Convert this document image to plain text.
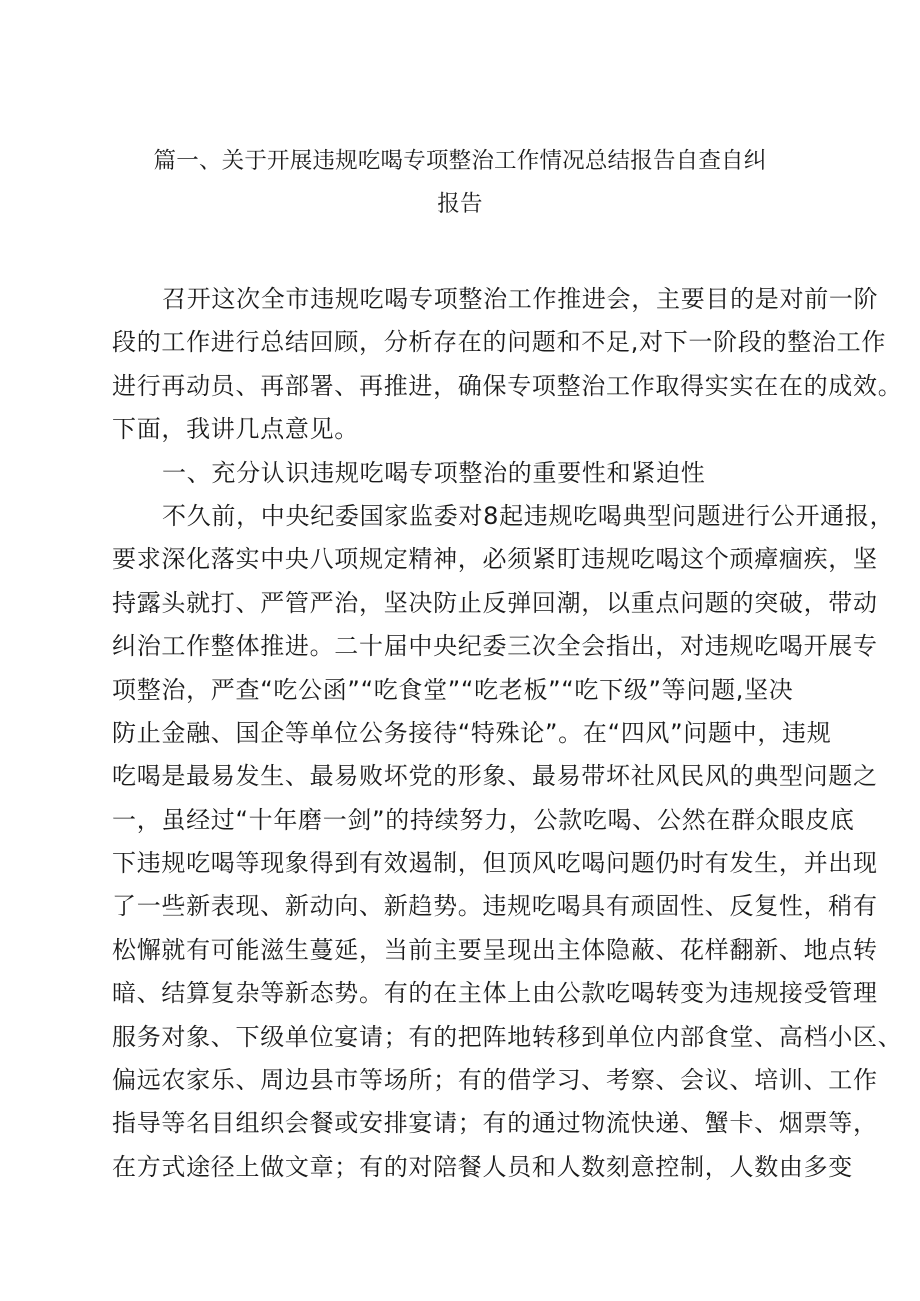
篇一、关于开展违规吃喝专项整治工作情况总结报告自查自纠
报告
召开这次全市违规吃喝专项整治工作推进会，主要目的是对前一阶
段的工作进行总结回顾，分析存在的问题和不足,对下一阶段的整治工作
进行再动员、再部署、再推进，确保专项整治工作取得实实在在的成效。
下面，我讲几点意见。
一、充分认识违规吃喝专项整治的重要性和紧迫性
不久前，中央纪委国家监委对8起违规吃喝典型问题进行公开通报，
要求深化落实中央八项规定精神，必须紧盯违规吃喝这个顽瘴痼疾，坚
持露头就打、严管严治，坚决防止反弹回潮，以重点问题的突破，带动
纠治工作整体推进。二十届中央纪委三次全会指出，对违规吃喝开展专
项整治，严查“吃公函”“吃食堂”“吃老板”“吃下级”等问题,坚决
防止金融、国企等单位公务接待“特殊论”。在“四风”问题中，违规
吃喝是最易发生、最易败坏党的形象、最易带坏社风民风的典型问题之
一，虽经过“十年磨一剑”的持续努力，公款吃喝、公然在群众眼皮底
下违规吃喝等现象得到有效遏制，但顶风吃喝问题仍时有发生，并出现
了一些新表现、新动向、新趋势。违规吃喝具有顽固性、反复性，稍有
松懈就有可能滋生蔓延，当前主要呈现出主体隐蔽、花样翻新、地点转
暗、结算复杂等新态势。有的在主体上由公款吃喝转变为违规接受管理
服务对象、下级单位宴请；有的把阵地转移到单位内部食堂、高档小区、
偏远农家乐、周边县市等场所；有的借学习、考察、会议、培训、工作
指导等名目组织会餐或安排宴请；有的通过物流快递、蟹卡、烟票等，
在方式途径上做文章；有的对陪餐人员和人数刻意控制，人数由多变
